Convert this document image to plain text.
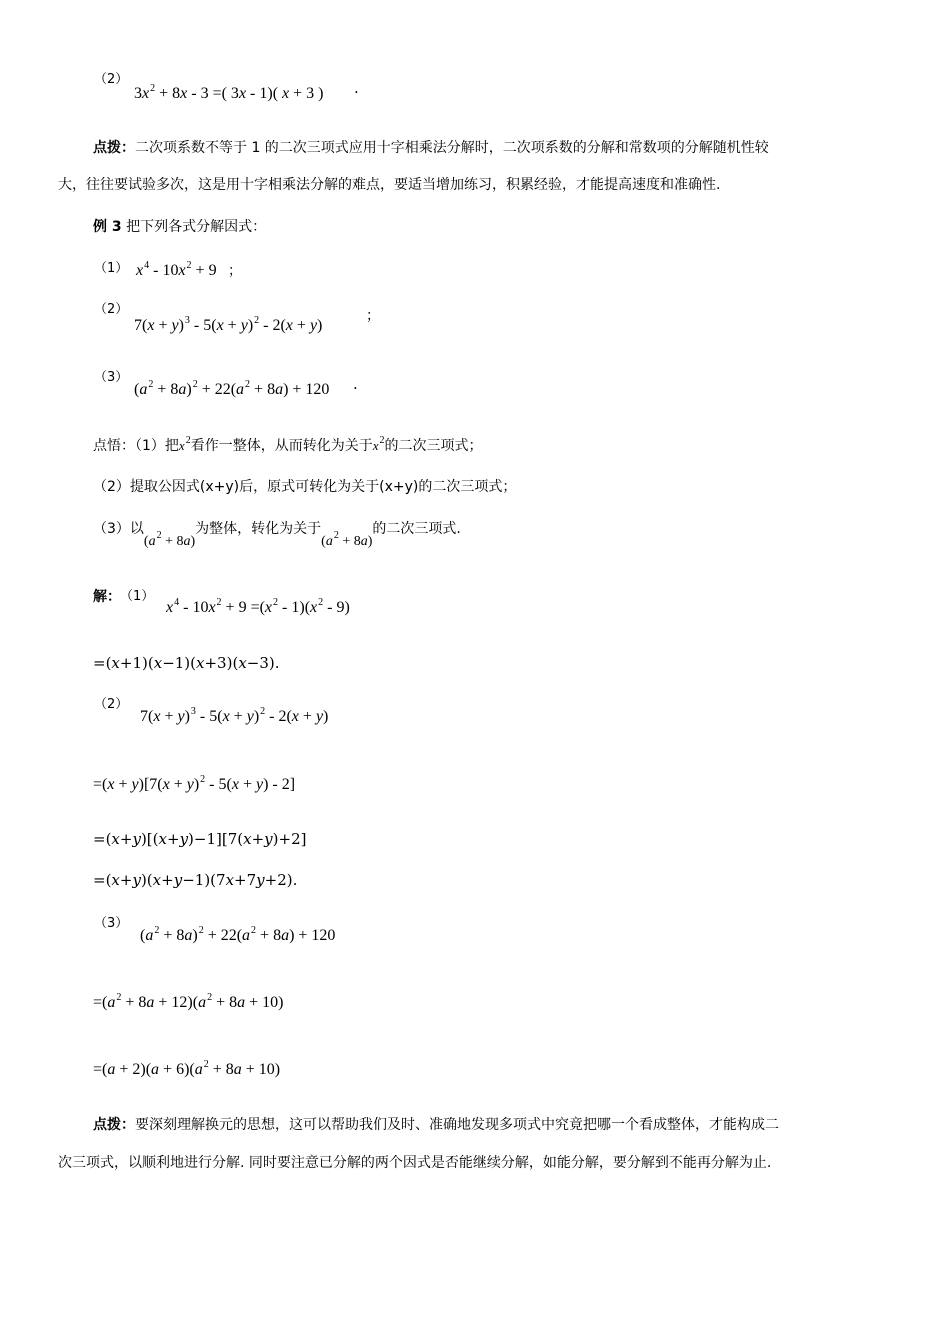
（2）
$3x^2 + 8x - 3$ =( 3x - 1)( x + 3 ) .
点拨：二次项系数不等于 1 的二次三项式应用十字相乘法分解时，二次项系数的分解和常数项的分解随机性较
大，往往要试验多次，这是用十字相乘法分解的难点，要适当增加练习，积累经验，才能提高速度和准确性.
例 3 把下列各式分解因式：
（1） $x^4 - 10x^2 + 9$ ；
（2）
$7(x + y)^3 - 5(x + y)^2 - 2(x + y)$
；
（3）
$(a^2 + 8a)^2 + 22(a^2 + 8a) + 120$ .
点悟：（1）把$x^2$看作一整体，从而转化为关于$x^2$的二次三项式；
（2）提取公因式(x+y)后，原式可转化为关于(x+y)的二次三项式；
（3）以$(a^2 + 8a)$为整体，转化为关于$(a^2 + 8a)$的二次三项式.
解： （1）
$x^4 - 10x^2 + 9 =(x^2 - 1)(x^2 - 9)$
=(x+1)(x−1)(x+3)(x−3).
（2）
$7(x + y)^3 - 5(x + y)^2 - 2(x + y)$
$=(x + y)[7(x + y)^2 - 5(x + y) - 2]$
=(x+y)[(x+y)−1][7(x+y)+2]
=(x+y)(x+y−1)(7x+7y+2).
（3）
$(a^2 + 8a)^2 + 22(a^2 + 8a) + 120$
$=(a^2 + 8a + 12)(a^2 + 8a + 10)$
$=(a + 2)(a + 6)(a^2 + 8a + 10)$
点拨：要深刻理解换元的思想，这可以帮助我们及时、准确地发现多项式中究竟把哪一个看成整体，才能构成二
次三项式，以顺利地进行分解. 同时要注意已分解的两个因式是否能继续分解，如能分解，要分解到不能再分解为止.
